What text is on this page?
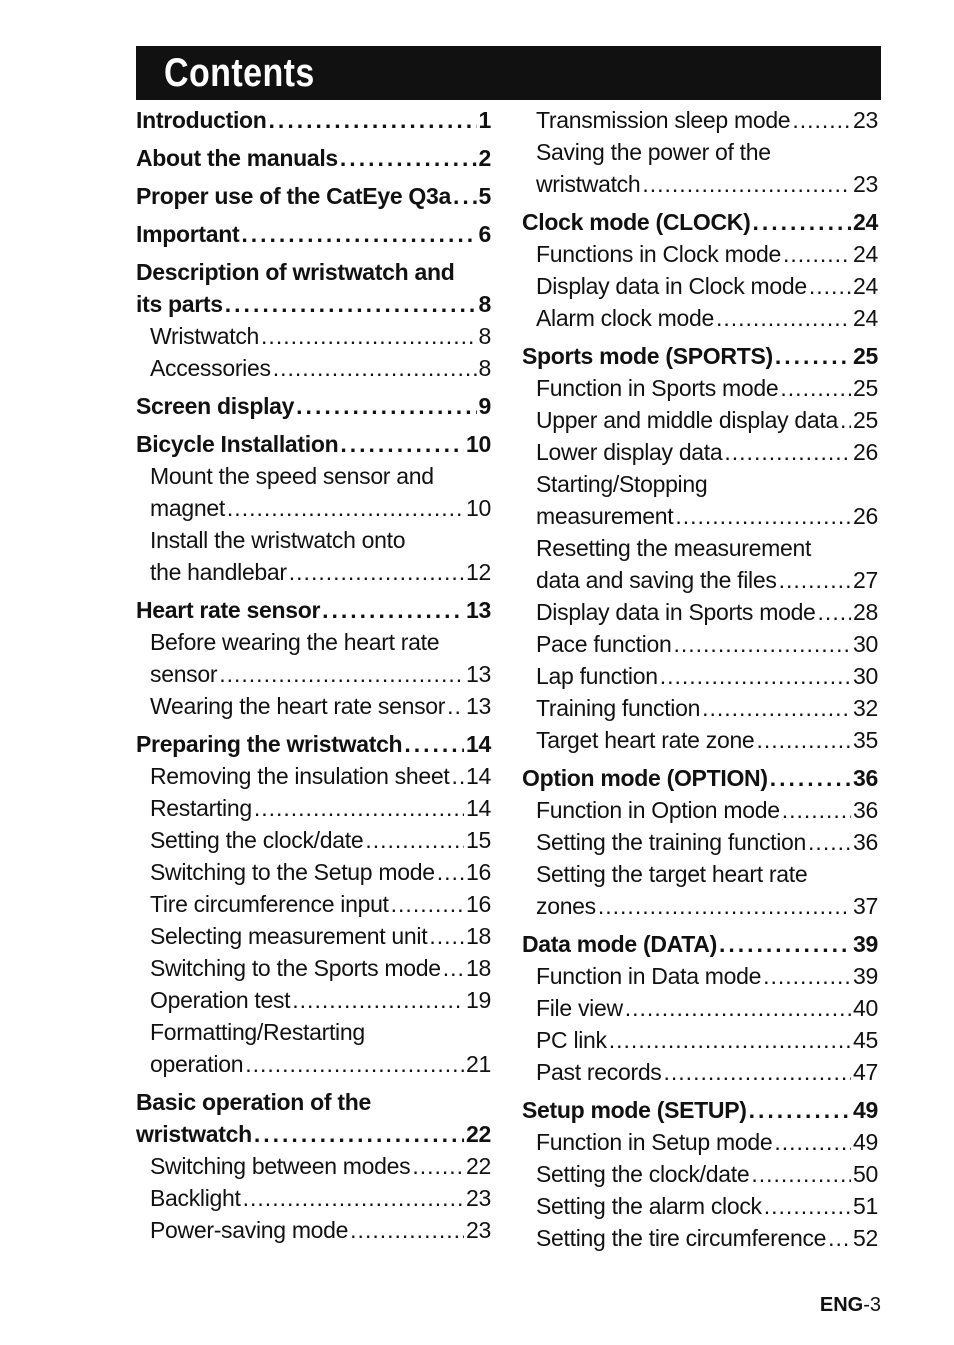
Contents
Introduction .....	1
About the manuals .....	2
Proper use of the CatEye Q3a ..... 5
Important .....	6
Description of wristwatch and
its parts .....	8
Wristwatch .....	8
Accessories .....	8
Screen display .....	9
Bicycle Installation .....	10
Mount the speed sensor and
magnet .....	10
Install the wristwatch onto
the handlebar .....	12
Heart rate sensor .....	13
Before wearing the heart rate
sensor .....	13
Wearing the heart rate sensor ..... 13
Preparing the wristwatch .....	14
Removing the insulation sheet ..... 14
Restarting .....	14
Setting the clock/date .....	15
Switching to the Setup mode ..... 16
Tire circumference input .....	16
Selecting measurement unit ..... 18
Switching to the Sports mode ..... 18
Operation test .....	19
Formatting/Restarting
operation .....	21
Basic operation of the
wristwatch .....	22
Switching between modes ..... 22
Backlight .....	23
Power-saving mode .....	23
Transmission sleep mode .....	23
Saving the power of the
wristwatch .....	23
Clock mode (CLOCK) .....	24
Functions in Clock mode .....	24
Display data in Clock mode ..... 24
Alarm clock mode .....	24
Sports mode (SPORTS) .....	25
Function in Sports mode .....	25
Upper and middle display data ..... 25
Lower display data .....	26
Starting/Stopping
measurement .....	26
Resetting the measurement
data and saving the files .....	27
Display data in Sports mode ..... 28
Pace function .....	30
Lap function .....	30
Training function .....	32
Target heart rate zone .....	35
Option mode (OPTION) .....	36
Function in Option mode .....	36
Setting the training function ..... 36
Setting the target heart rate
zones .....	37
Data mode (DATA) .....	39
Function in Data mode .....	39
File view .....	40
PC link .....	45
Past records .....	47
Setup mode (SETUP) .....	49
Function in Setup mode .....	49
Setting the clock/date .....	50
Setting the alarm clock .....	51
Setting the tire circumference ..... 52
ENG-3
